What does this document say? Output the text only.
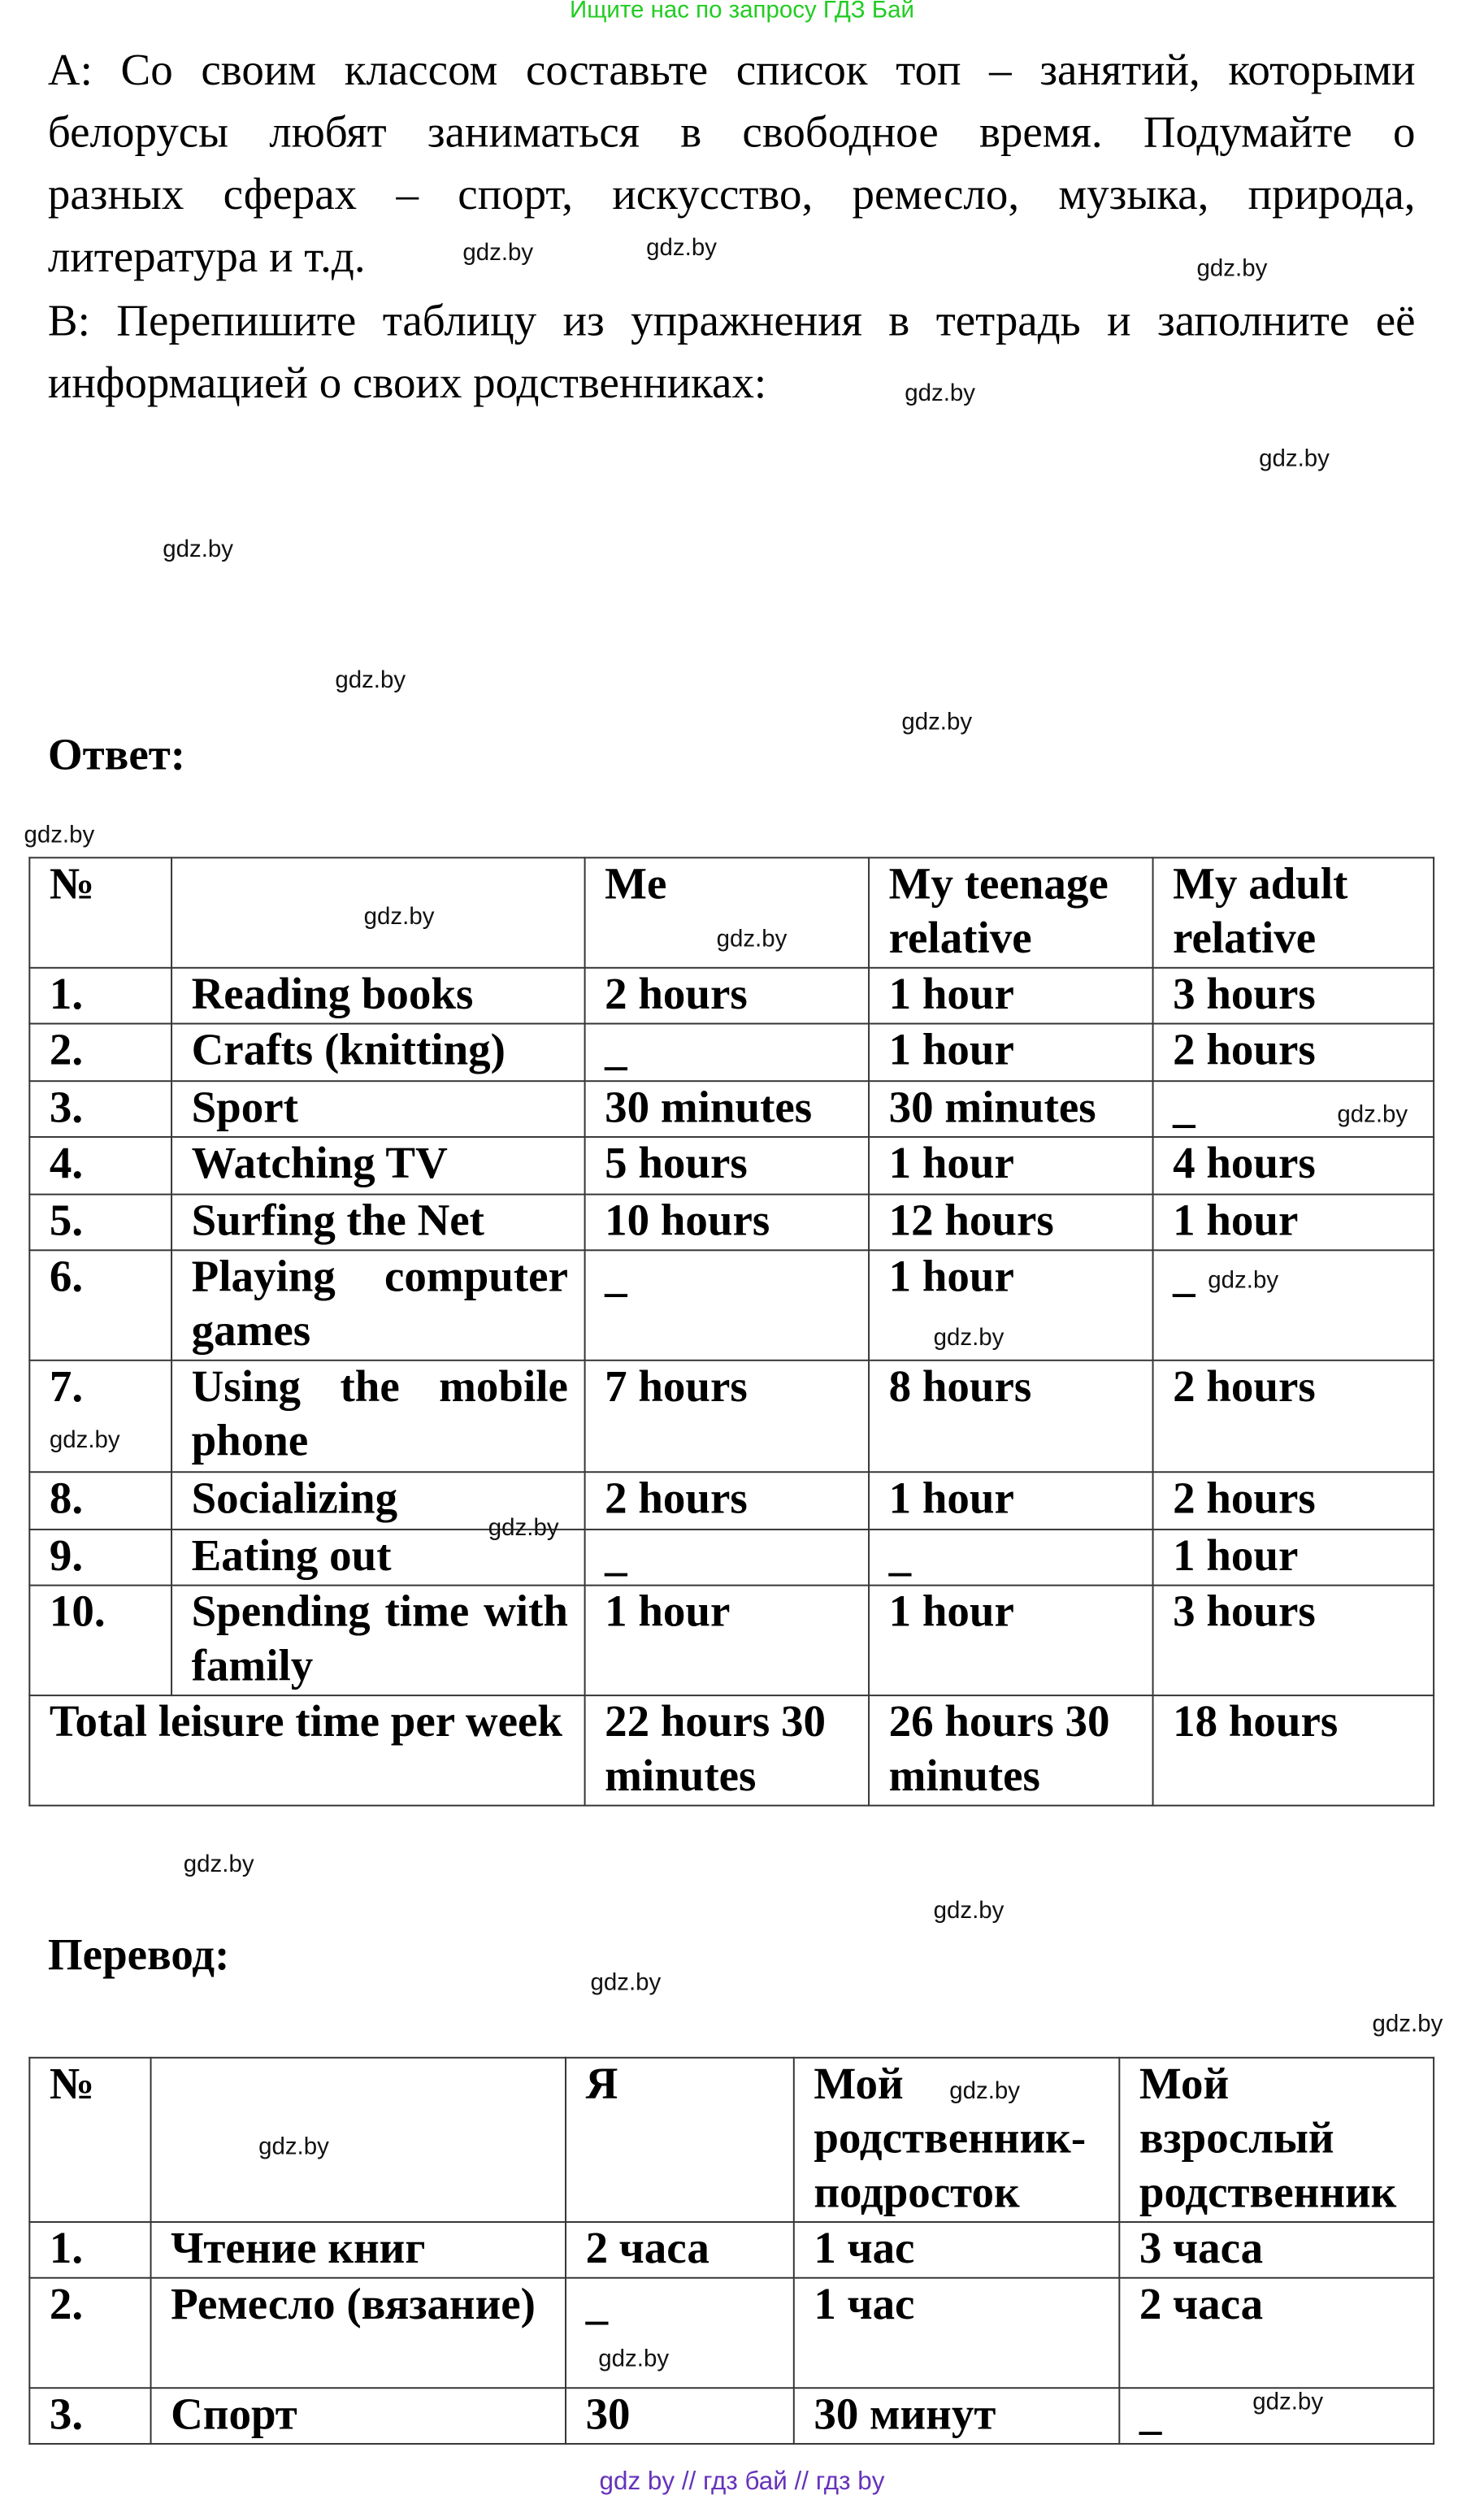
Ищите нас по запросу ГДЗ Бай
А: Со своим классом составьте список топ – занятий, которыми
белорусы любят заниматься в свободное время. Подумайте о
разных сферах – спорт, искусство, ремесло, музыка, природа,
литература и т.д.
В: Перепишите таблицу из упражнения в тетрадь и заполните её
информацией о своих родственниках:
Ответ:
№		Me	My teenage relative	My adult relative
1.	Reading books	2 hours	1 hour	3 hours
2.	Crafts (knitting)	_	1 hour	2 hours
3.	Sport	30 minutes	30 minutes	_
4.	Watching TV	5 hours	1 hour	4 hours
5.	Surfing the Net	10 hours	12 hours	1 hour
6.	Playing computer games	_	1 hour	_
7.	Using the mobile phone	7 hours	8 hours	2 hours
8.	Socializing	2 hours	1 hour	2 hours
9.	Eating out	_	_	1 hour
10.	Spending time with family	1 hour	1 hour	3 hours
Total leisure time per week		22 hours 30 minutes	26 hours 30 minutes	18 hours
Перевод:
№		Я	Мой родственник-подросток	Мой взрослый родственник
1.	Чтение книг	2 часа	1 час	3 часа
2.	Ремесло (вязание)	_	1 час	2 часа
3.	Спорт	30	30 минут	_
gdz.by	gdz.by
gdz.by
gdz.by
gdz.by
gdz.by
gdz.by
gdz.by
gdz.by
gdz.by
gdz.by
gdz.by
gdz.by
gdz.by
gdz.by
gdz.by
gdz.by
gdz.by
gdz.by
gdz.by
gdz.by
gdz.by
gdz.by
gdz.by
gdz by // гдз бай // гдз by
